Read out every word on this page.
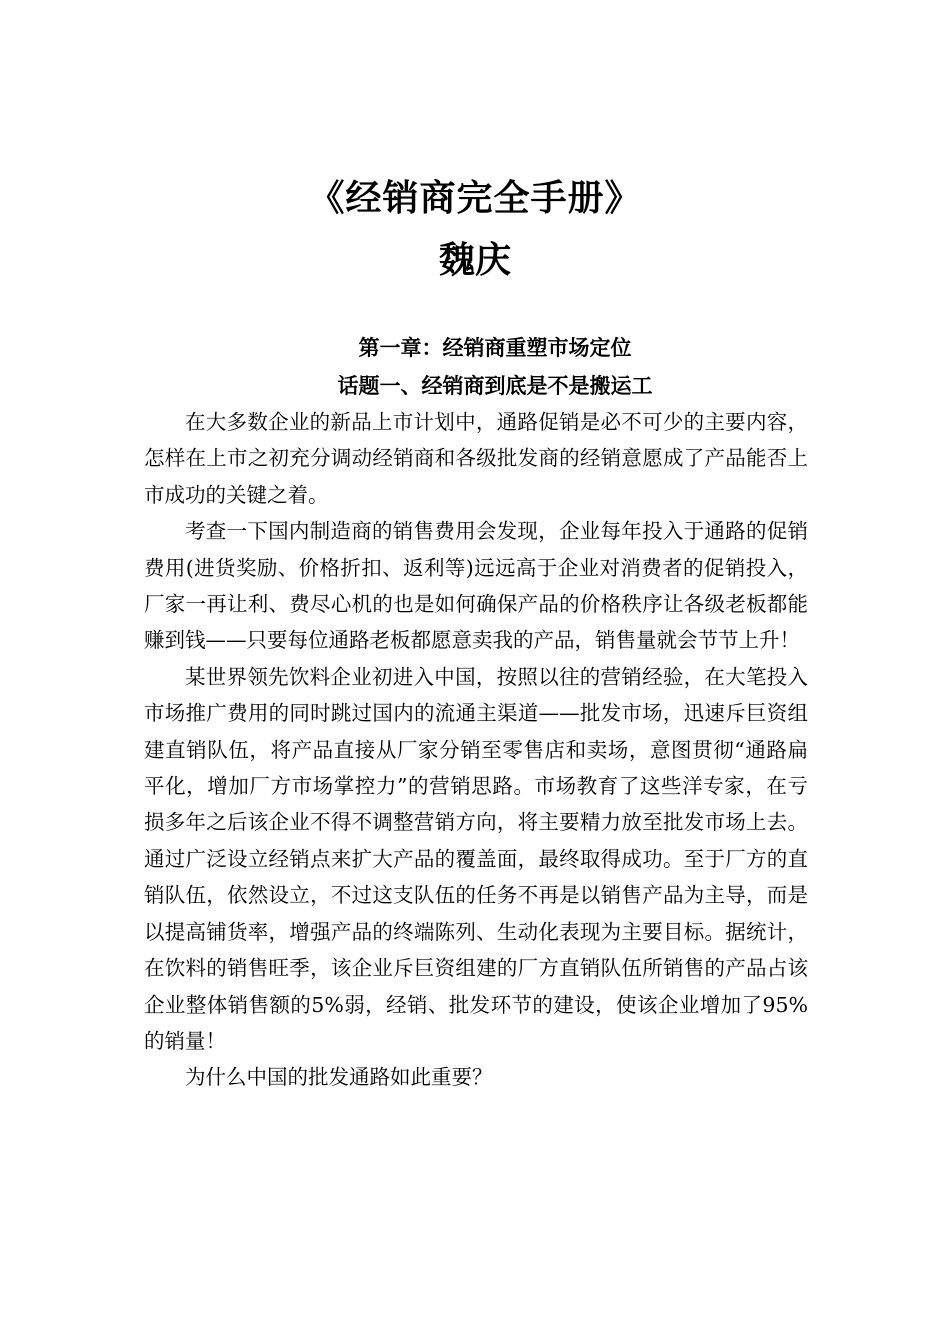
《经销商完全手册》
魏庆
第一章：经销商重塑市场定位
话题一、经销商到底是不是搬运工

在大多数企业的新品上市计划中，通路促销是必不可少的主要内容，怎样在上市之初充分调动经销商和各级批发商的经销意愿成了产品能否上市成功的关键之着。

考查一下国内制造商的销售费用会发现，企业每年投入于通路的促销费用(进货奖励、价格折扣、返利等)远远高于企业对消费者的促销投入，厂家一再让利、费尽心机的也是如何确保产品的价格秩序让各级老板都能赚到钱——只要每位通路老板都愿意卖我的产品，销售量就会节节上升！

某世界领先饮料企业初进入中国，按照以往的营销经验，在大笔投入市场推广费用的同时跳过国内的流通主渠道——批发市场，迅速斥巨资组建直销队伍，将产品直接从厂家分销至零售店和卖场，意图贯彻“通路扁平化，增加厂方市场掌控力”的营销思路。市场教育了这些洋专家，在亏损多年之后该企业不得不调整营销方向，将主要精力放至批发市场上去。通过广泛设立经销点来扩大产品的覆盖面，最终取得成功。至于厂方的直销队伍，依然设立，不过这支队伍的任务不再是以销售产品为主导，而是以提高铺货率，增强产品的终端陈列、生动化表现为主要目标。据统计，在饮料的销售旺季，该企业斥巨资组建的厂方直销队伍所销售的产品占该企业整体销售额的5%弱，经销、批发环节的建设，使该企业增加了95%的销量！

为什么中国的批发通路如此重要？
